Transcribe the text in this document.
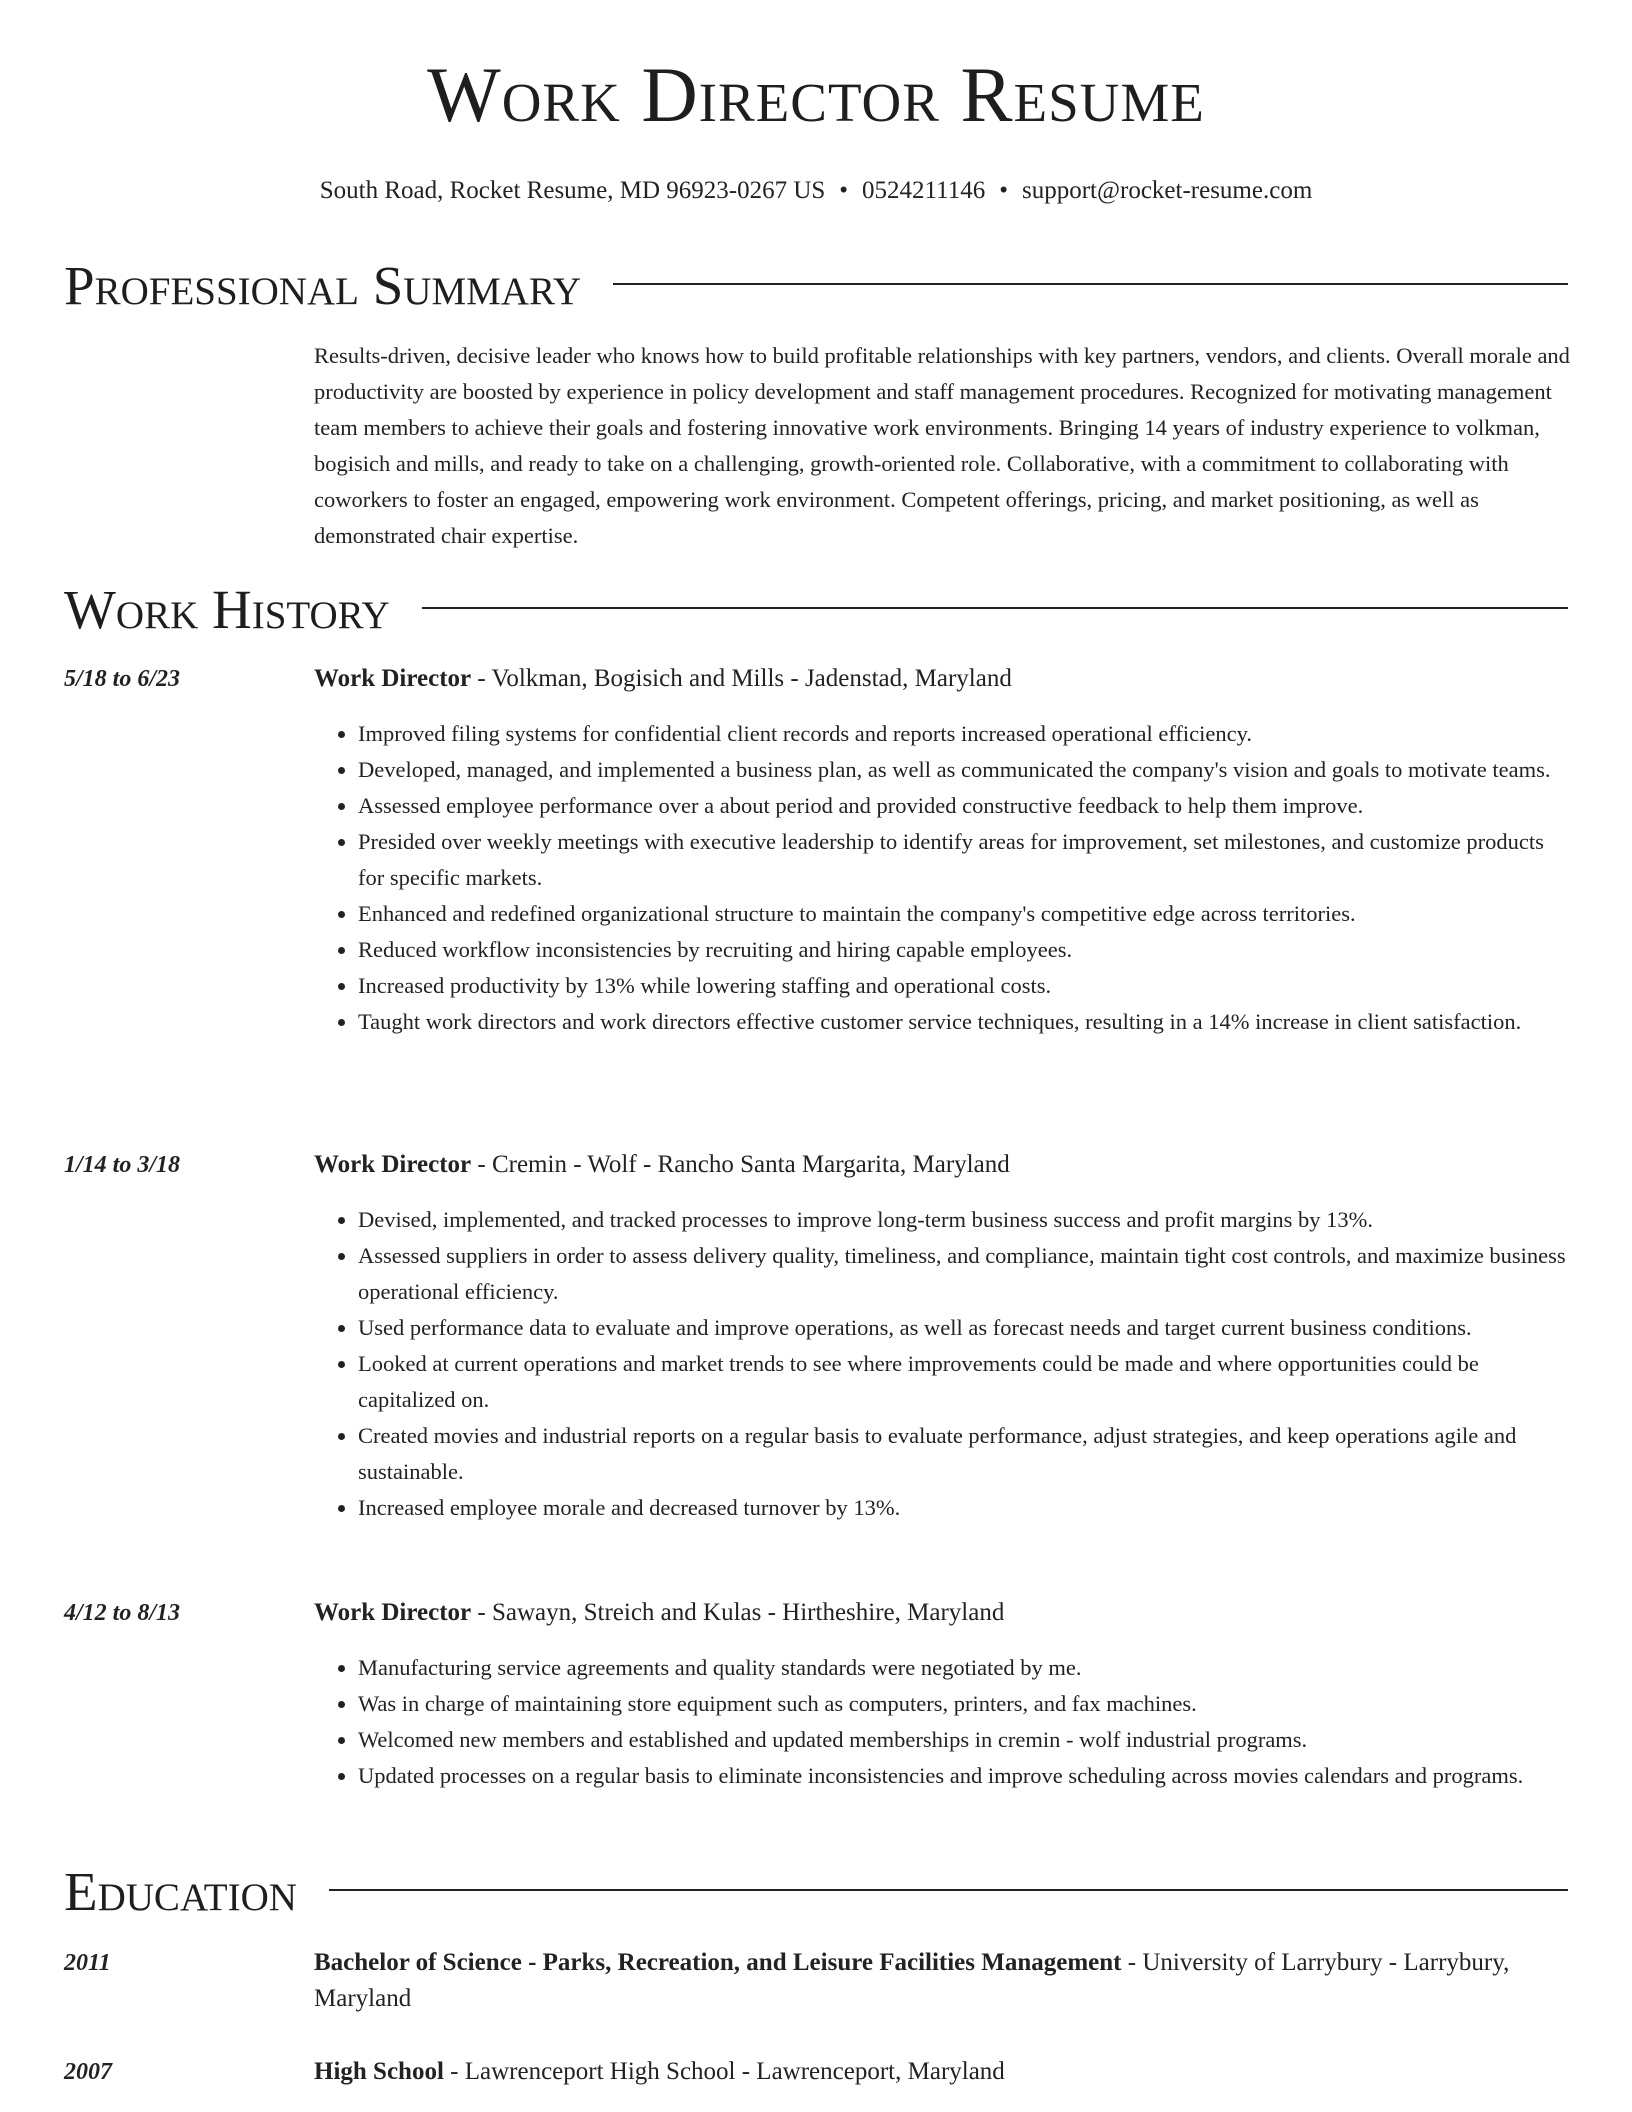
Work Director Resume
South Road, Rocket Resume, MD 96923-0267 US • 0524211146 • support@rocket-resume.com
Professional Summary
Results-driven, decisive leader who knows how to build profitable relationships with key partners, vendors, and clients. Overall morale and productivity are boosted by experience in policy development and staff management procedures. Recognized for motivating management team members to achieve their goals and fostering innovative work environments. Bringing 14 years of industry experience to volkman, bogisich and mills, and ready to take on a challenging, growth-oriented role. Collaborative, with a commitment to collaborating with coworkers to foster an engaged, empowering work environment. Competent offerings, pricing, and market positioning, as well as demonstrated chair expertise.
Work History
5/18 to 6/23	Work Director - Volkman, Bogisich and Mills - Jadenstad, Maryland
• Improved filing systems for confidential client records and reports increased operational efficiency.
• Developed, managed, and implemented a business plan, as well as communicated the company's vision and goals to motivate teams.
• Assessed employee performance over a about period and provided constructive feedback to help them improve.
• Presided over weekly meetings with executive leadership to identify areas for improvement, set milestones, and customize products for specific markets.
• Enhanced and redefined organizational structure to maintain the company's competitive edge across territories.
• Reduced workflow inconsistencies by recruiting and hiring capable employees.
• Increased productivity by 13% while lowering staffing and operational costs.
• Taught work directors and work directors effective customer service techniques, resulting in a 14% increase in client satisfaction.
1/14 to 3/18	Work Director - Cremin - Wolf - Rancho Santa Margarita, Maryland
• Devised, implemented, and tracked processes to improve long-term business success and profit margins by 13%.
• Assessed suppliers in order to assess delivery quality, timeliness, and compliance, maintain tight cost controls, and maximize business operational efficiency.
• Used performance data to evaluate and improve operations, as well as forecast needs and target current business conditions.
• Looked at current operations and market trends to see where improvements could be made and where opportunities could be capitalized on.
• Created movies and industrial reports on a regular basis to evaluate performance, adjust strategies, and keep operations agile and sustainable.
• Increased employee morale and decreased turnover by 13%.
4/12 to 8/13	Work Director - Sawayn, Streich and Kulas - Hirtheshire, Maryland
• Manufacturing service agreements and quality standards were negotiated by me.
• Was in charge of maintaining store equipment such as computers, printers, and fax machines.
• Welcomed new members and established and updated memberships in cremin - wolf industrial programs.
• Updated processes on a regular basis to eliminate inconsistencies and improve scheduling across movies calendars and programs.
Education
2011	Bachelor of Science - Parks, Recreation, and Leisure Facilities Management - University of Larrybury - Larrybury, Maryland
2007	High School - Lawrenceport High School - Lawrenceport, Maryland
